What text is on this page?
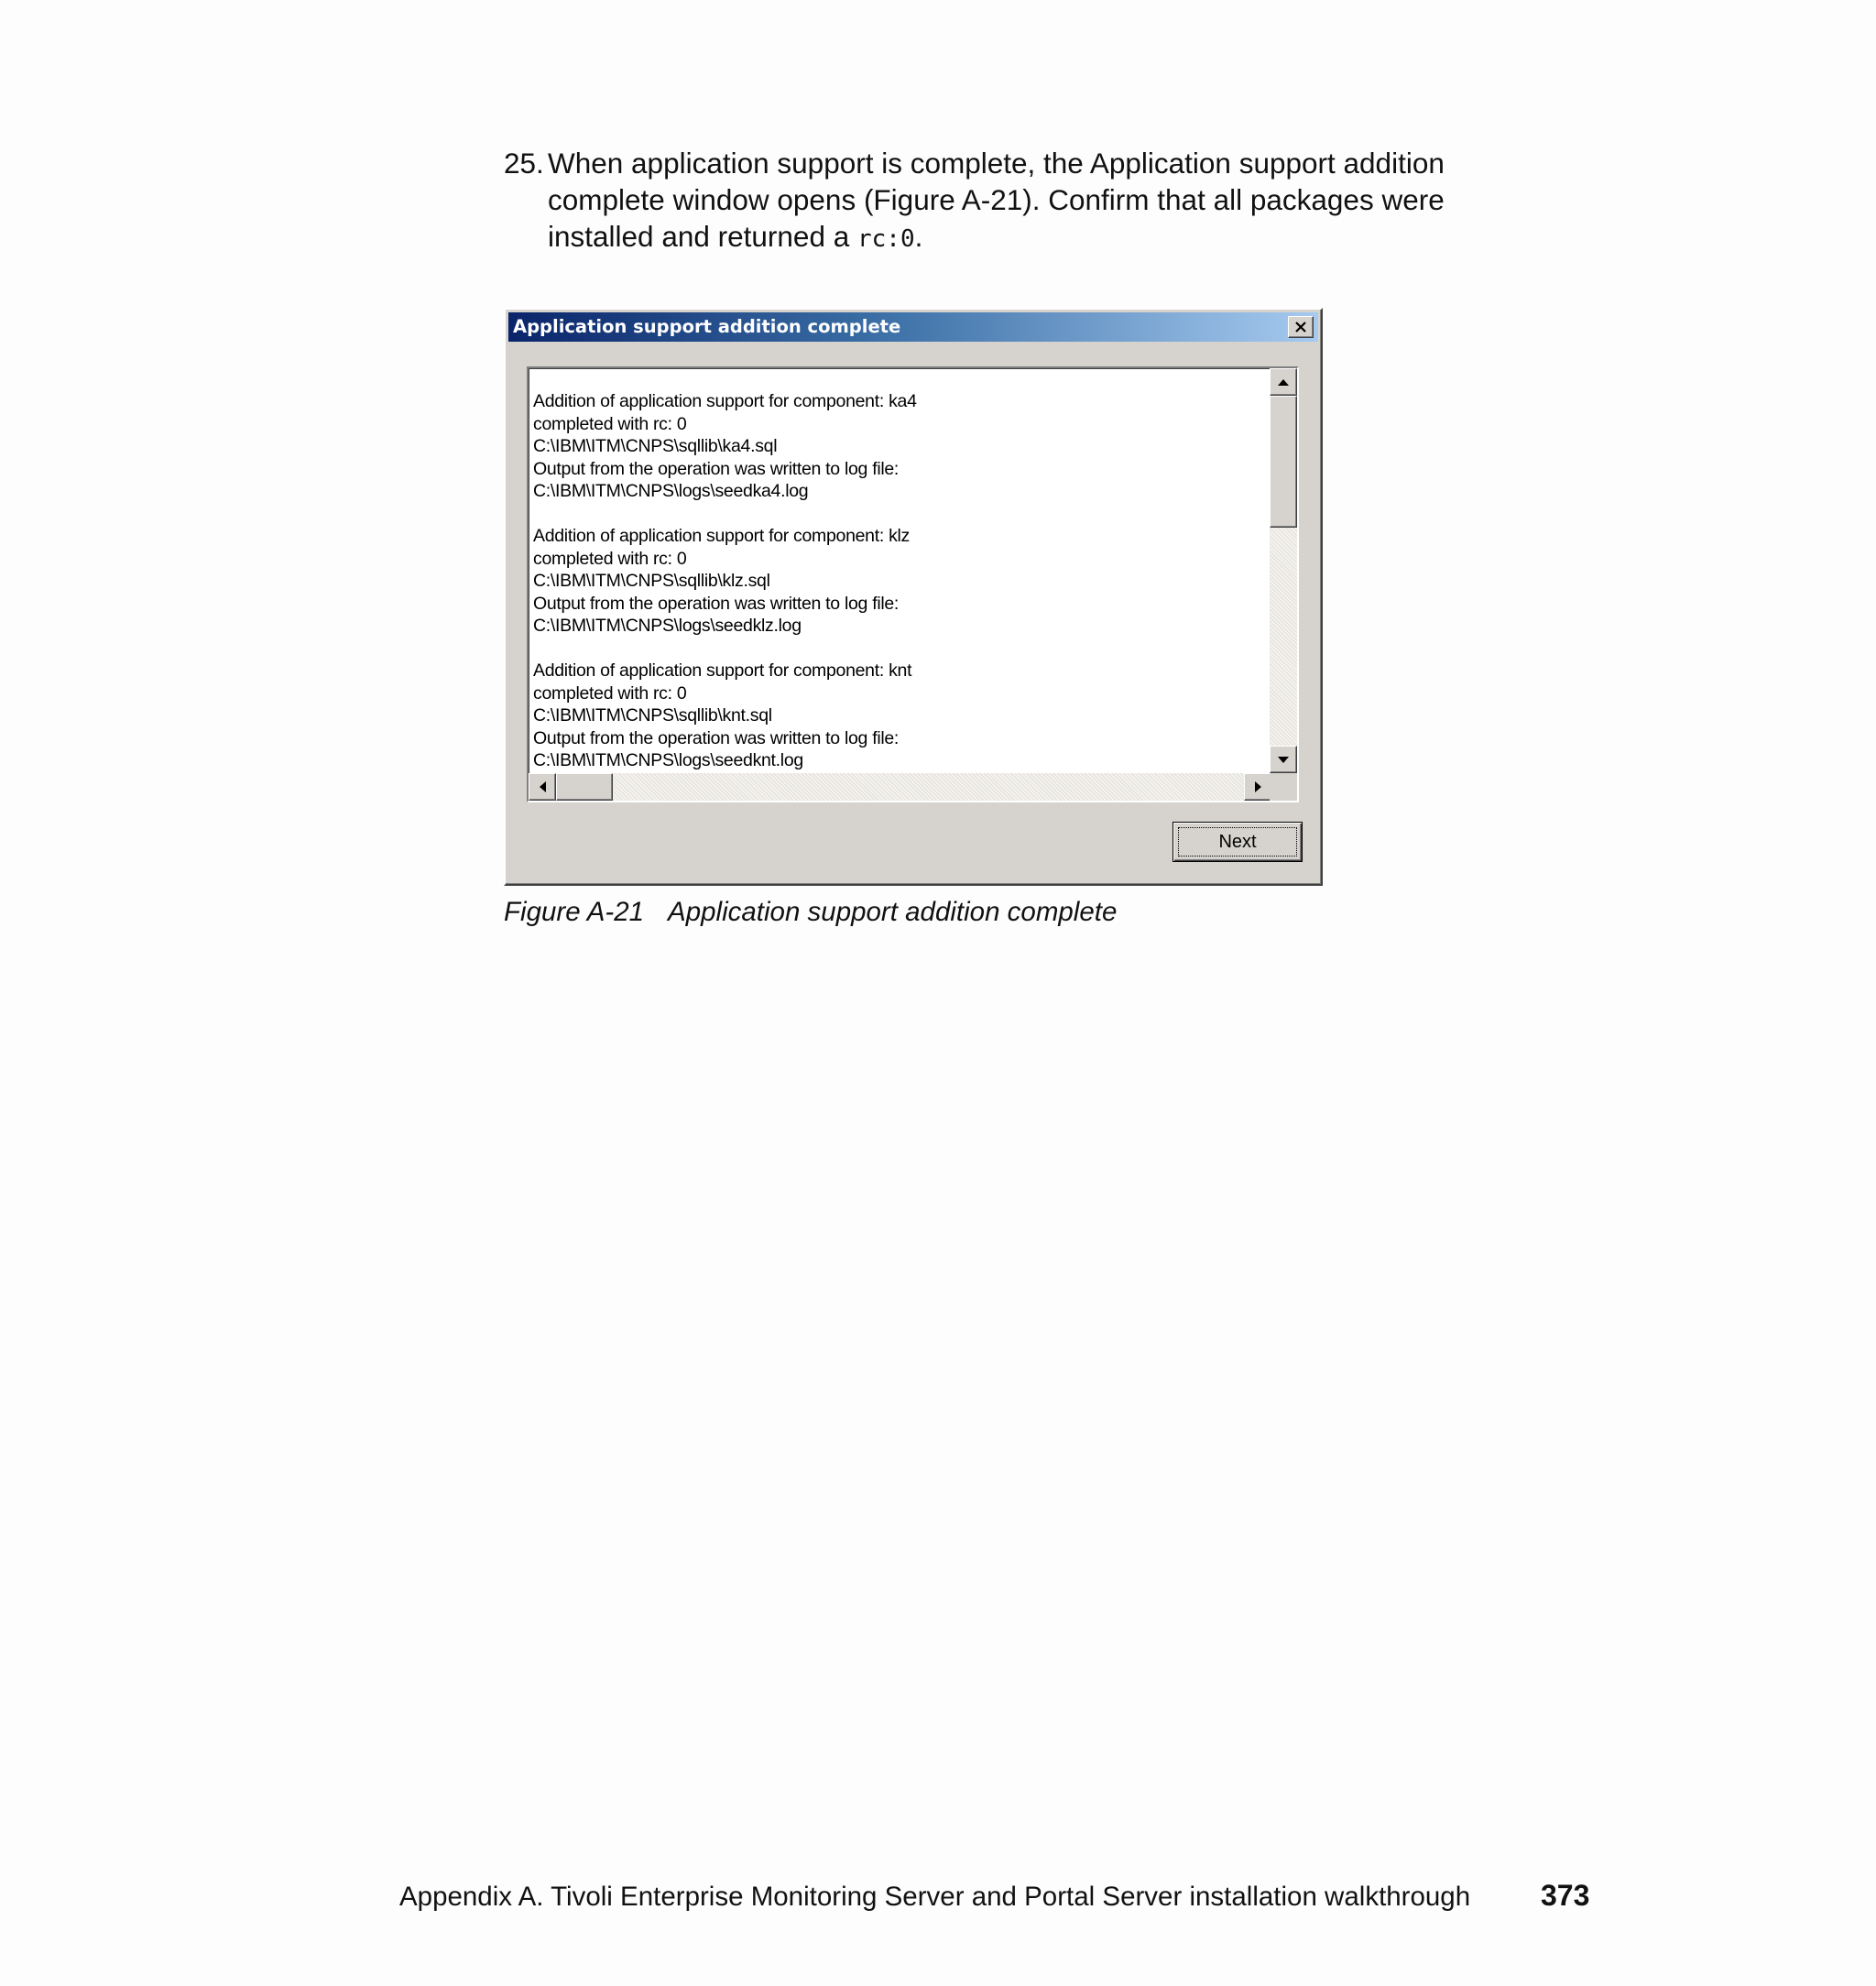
25. When application support is complete, the Application support addition
complete window opens (Figure A-21). Confirm that all packages were
installed and returned a rc:0.
Application support addition complete
Addition of application support for component: ka4
completed with rc: 0
C:\IBM\ITM\CNPS\sqllib\ka4.sql
Output from the operation was written to log file:
C:\IBM\ITM\CNPS\logs\seedka4.log
Addition of application support for component: klz
completed with rc: 0
C:\IBM\ITM\CNPS\sqllib\klz.sql
Output from the operation was written to log file:
C:\IBM\ITM\CNPS\logs\seedklz.log
Addition of application support for component: knt
completed with rc: 0
C:\IBM\ITM\CNPS\sqllib\knt.sql
Output from the operation was written to log file:
C:\IBM\ITM\CNPS\logs\seedknt.log
Next
Figure A-21 Application support addition complete
Appendix A. Tivoli Enterprise Monitoring Server and Portal Server installation walkthrough 373
